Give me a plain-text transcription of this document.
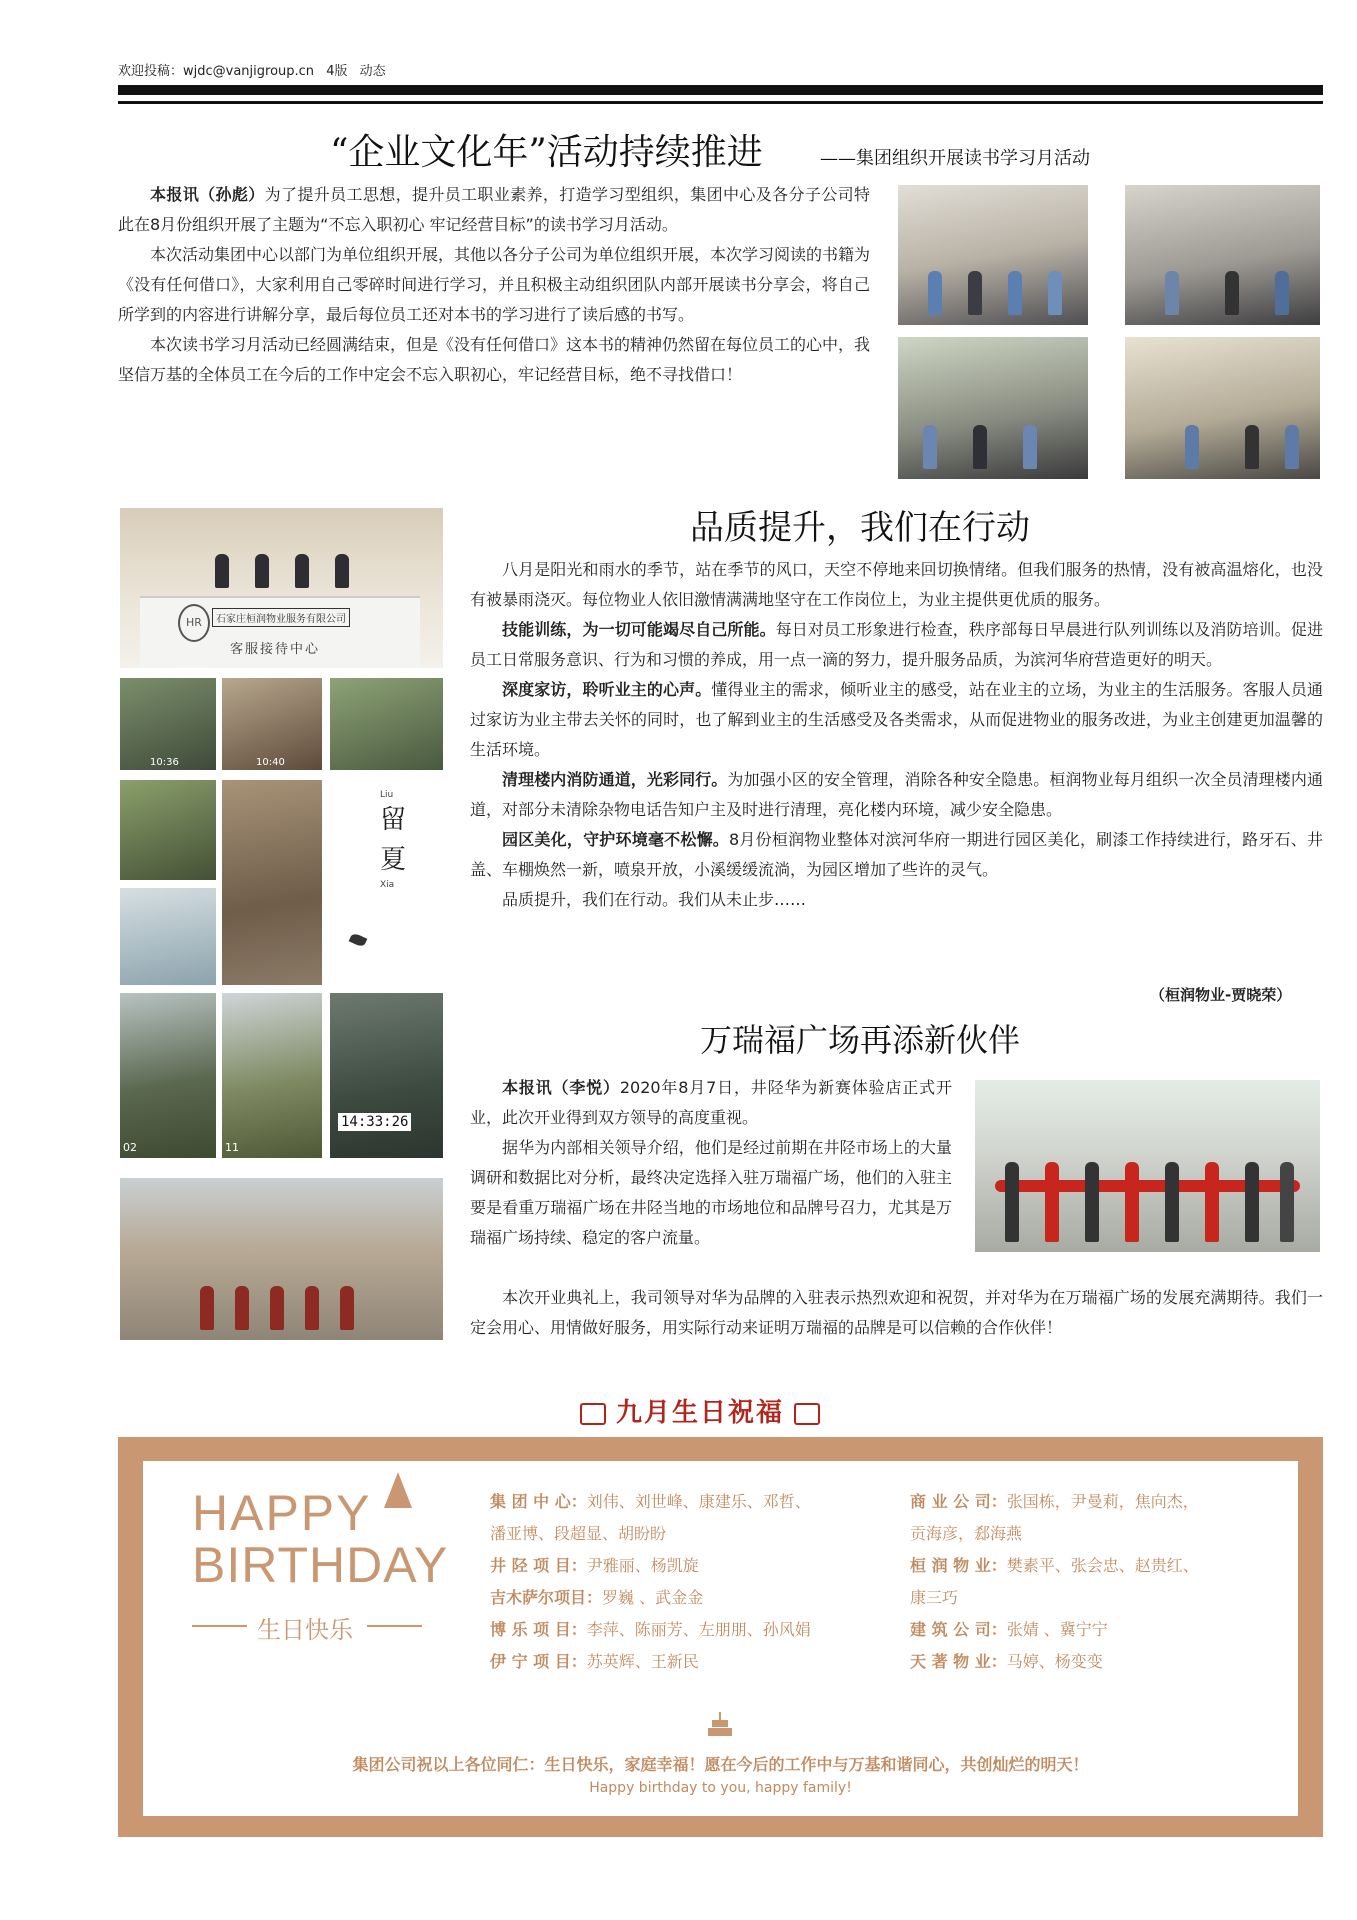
欢迎投稿：wjdc@vanjigroup.cn 4版 动态
“企业文化年”活动持续推进	——集团组织开展读书学习月活动

本报讯（孙彪）为了提升员工思想，提升员工职业素养，打造学习型组织，集团中心及各分子公司特此在8月份组织开展了主题为“不忘入职初心 牢记经营目标”的读书学习月活动。

本次活动集团中心以部门为单位组织开展，其他以各分子公司为单位组织开展，本次学习阅读的书籍为《没有任何借口》，大家利用自己零碎时间进行学习，并且积极主动组织团队内部开展读书分享会，将自己所学到的内容进行讲解分享，最后每位员工还对本书的学习进行了读后感的书写。

本次读书学习月活动已经圆满结束，但是《没有任何借口》这本书的精神仍然留在每位员工的心中，我坚信万基的全体员工在今后的工作中定会不忘入职初心，牢记经营目标，绝不寻找借口！

HR	石家庄桓润物业服务有限公司
客服接待中心
10:36	10:40
Liu
留夏
Xia
02	11
14:33:26
品质提升，我们在行动

八月是阳光和雨水的季节，站在季节的风口，天空不停地来回切换情绪。但我们服务的热情，没有被高温熔化，也没有被暴雨浇灭。每位物业人依旧激情满满地坚守在工作岗位上，为业主提供更优质的服务。

技能训练，为一切可能竭尽自己所能。每日对员工形象进行检查，秩序部每日早晨进行队列训练以及消防培训。促进员工日常服务意识、行为和习惯的养成，用一点一滴的努力，提升服务品质，为滨河华府营造更好的明天。

深度家访，聆听业主的心声。懂得业主的需求，倾听业主的感受，站在业主的立场，为业主的生活服务。客服人员通过家访为业主带去关怀的同时，也了解到业主的生活感受及各类需求，从而促进物业的服务改进，为业主创建更加温馨的生活环境。

清理楼内消防通道，光彩同行。为加强小区的安全管理，消除各种安全隐患。桓润物业每月组织一次全员清理楼内通道，对部分未清除杂物电话告知户主及时进行清理，亮化楼内环境，减少安全隐患。

园区美化，守护环境毫不松懈。8月份桓润物业整体对滨河华府一期进行园区美化，刷漆工作持续进行，路牙石、井盖、车棚焕然一新，喷泉开放，小溪缓缓流淌，为园区增加了些许的灵气。

品质提升，我们在行动。我们从未止步……

（桓润物业-贾晓荣）
万瑞福广场再添新伙伴

本报讯（李悦）2020年8月7日，井陉华为新赛体验店正式开业，此次开业得到双方领导的高度重视。

据华为内部相关领导介绍，他们是经过前期在井陉市场上的大量调研和数据比对分析，最终决定选择入驻万瑞福广场，他们的入驻主要是看重万瑞福广场在井陉当地的市场地位和品牌号召力，尤其是万瑞福广场持续、稳定的客户流量。

本次开业典礼上，我司领导对华为品牌的入驻表示热烈欢迎和祝贺，并对华为在万瑞福广场的发展充满期待。我们一定会用心、用情做好服务，用实际行动来证明万瑞福的品牌是可以信赖的合作伙伴！

九月生日祝福
HAPPY
BIRTHDAY
生日快乐
集 团 中 心：刘伟、刘世峰、康建乐、邓哲、
潘亚博、段超显、胡盼盼
井 陉 项 目：尹雅丽、杨凯旋
吉木萨尔项目：罗巍 、武金金
博 乐 项 目：李萍、陈丽芳、左朋朋、孙风娟
伊 宁 项 目：苏英辉、王新民
商 业 公 司：张国栋，尹曼莉，焦向杰，
贡海彦，郄海燕
桓 润 物 业：樊素平、张会忠、赵贵红、
康三巧
建 筑 公 司：张婧 、冀宁宁
天 著 物 业：马婷、杨变变
集团公司祝以上各位同仁：生日快乐，家庭幸福！愿在今后的工作中与万基和谐同心，共创灿烂的明天！
Happy birthday to you, happy family!
